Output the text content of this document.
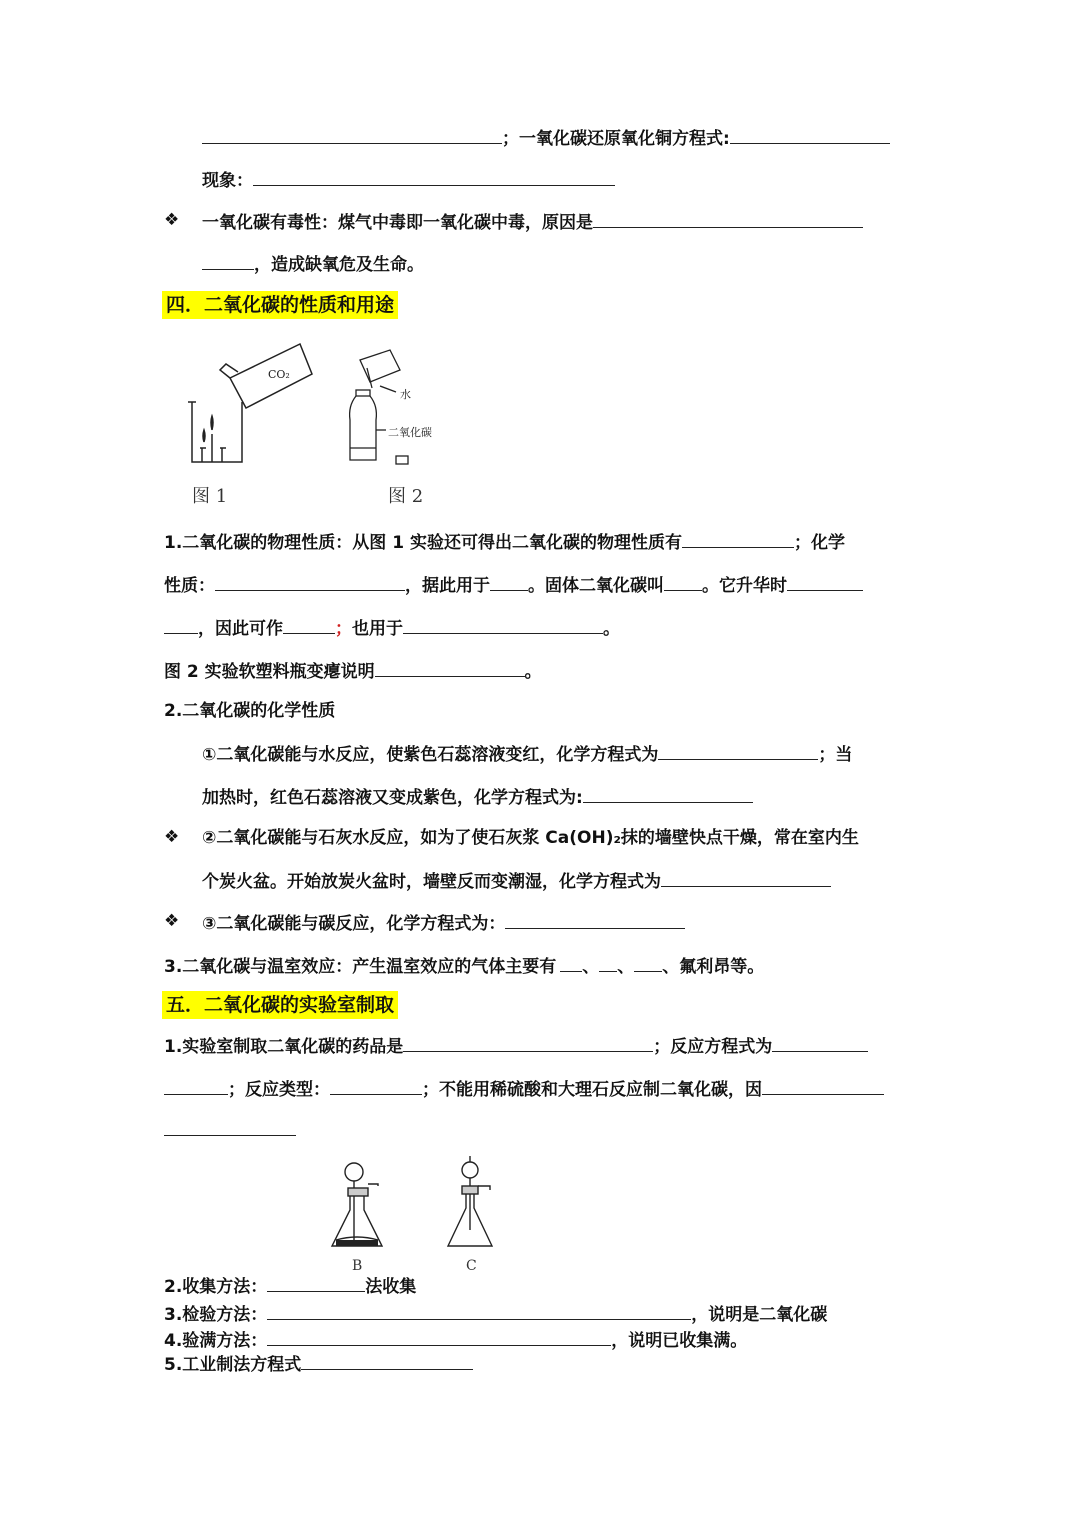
；一氧化碳还原氧化铜方程式:
现象：
❖ 一氧化碳有毒性：煤气中毒即一氧化碳中毒，原因是
，造成缺氧危及生命。
四．二氧化碳的性质和用途
CO₂
水
二氧化碳
图 1	图 2
1.二氧化碳的物理性质：从图 1 实验还可得出二氧化碳的物理性质有	；化学
性质：	，据此用于 。固体二氧化碳叫 。它升华时
，因此可作	；也用于	。
图 2 实验软塑料瓶变瘪说明	。
2.二氧化碳的化学性质
①二氧化碳能与水反应，使紫色石蕊溶液变红，化学方程式为	；当
加热时，红色石蕊溶液又变成紫色，化学方程式为:
❖ ②二氧化碳能与石灰水反应，如为了使石灰浆 Ca(OH)₂抹的墙壁快点干燥，常在室内生
个炭火盆。开始放炭火盆时，墙壁反而变潮湿，化学方程式为
❖ ③二氧化碳能与碳反应，化学方程式为：
3.二氧化碳与温室效应：产生温室效应的气体主要有 、 、 、氟利昂等。
五．二氧化碳的实验室制取
1.实验室制取二氧化碳的药品是	；反应方程式为
；反应类型：	；不能用稀硫酸和大理石反应制二氧化碳，因
B	C
2.收集方法：	法收集
3.检验方法：	，说明是二氧化碳
4.验满方法：	，说明已收集满。
5.工业制法方程式
